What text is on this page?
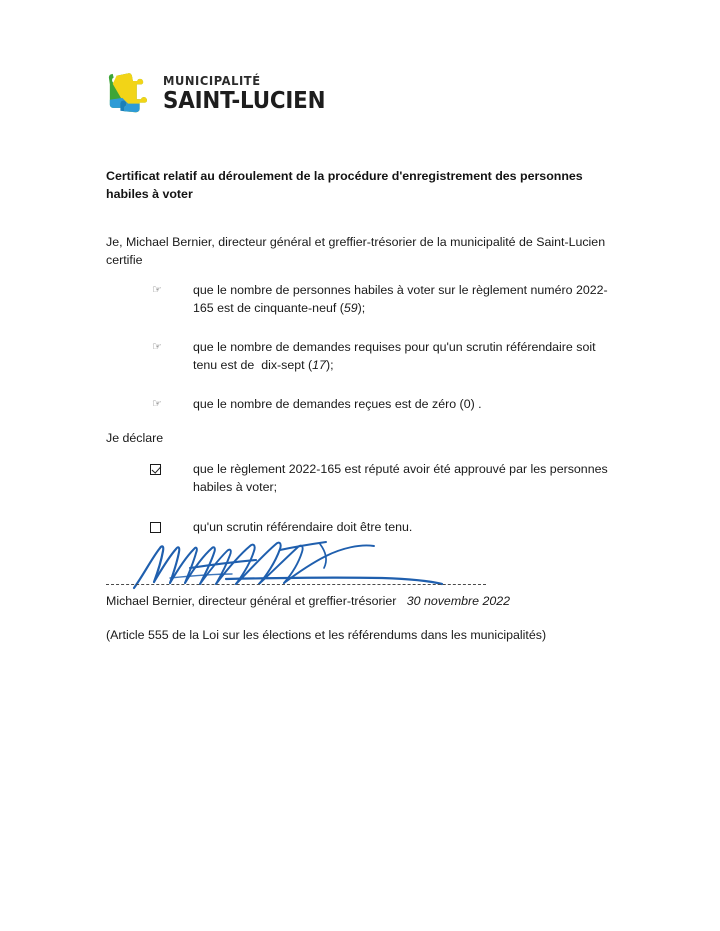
MUNICIPALITÉ
SAINT-LUCIEN
Certificat relatif au déroulement de la procédure d'enregistrement des personnes habiles à voter
Je, Michael Bernier, directeur général et greffier-trésorier de la municipalité de Saint-Lucien certifie
☞	que le nombre de personnes habiles à voter sur le règlement numéro 2022-165 est de cinquante-neuf (59);
☞	que le nombre de demandes requises pour qu'un scrutin référendaire soit tenu est de  dix-sept (17);
☞	que le nombre de demandes reçues est de zéro (0) .
Je déclare
que le règlement 2022-165 est réputé avoir été approuvé par les personnes habiles à voter;
qu'un scrutin référendaire doit être tenu.
Michael Bernier, directeur général et greffier-trésorier 30 novembre 2022
(Article 555 de la Loi sur les élections et les référendums dans les municipalités)
